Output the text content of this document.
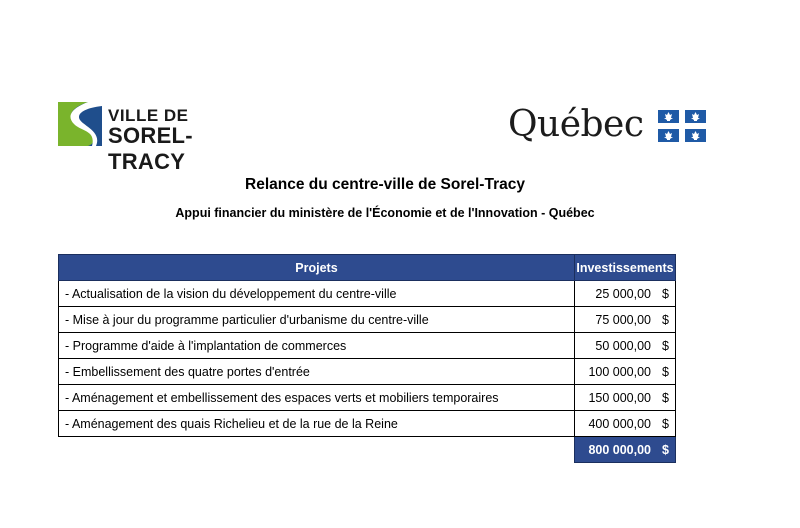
VILLE DE
SOREL-TRACY
Québec
Relance du centre-ville de Sorel-Tracy
Appui financier du ministère de l'Économie et de l'Innovation - Québec
Projets	Investissements
- Actualisation de la vision du développement du centre-ville	25 000,00 $
- Mise à jour du programme particulier d'urbanisme du centre-ville	75 000,00 $
- Programme d'aide à l'implantation de commerces	50 000,00 $
- Embellissement des quatre portes d'entrée	100 000,00 $
- Aménagement et embellissement des espaces verts et mobiliers temporaires	150 000,00 $
- Aménagement des quais Richelieu et de la rue de la Reine	400 000,00 $
	800 000,00 $
